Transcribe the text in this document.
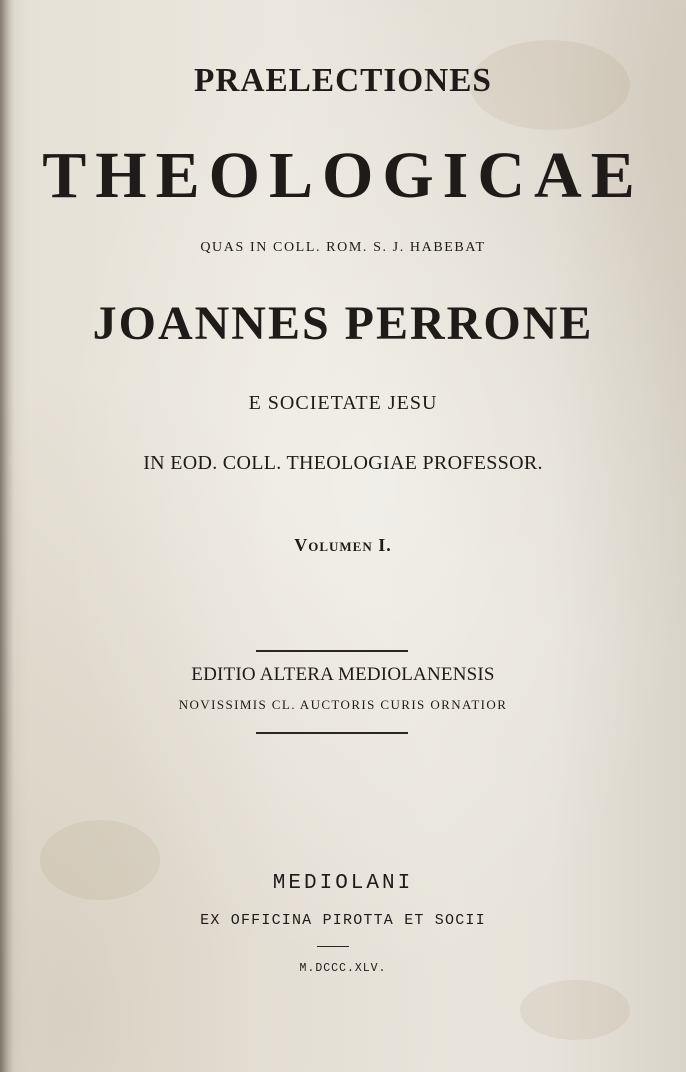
PRAELECTIONES
THEOLOGICAE
QUAS IN COLL. ROM. S. J. HABEBAT
JOANNES PERRONE
E SOCIETATE JESU
IN EOD. COLL. THEOLOGIAE PROFESSOR.
Volumen I.
EDITIO ALTERA MEDIOLANENSIS
NOVISSIMIS CL. AUCTORIS CURIS ORNATIOR
MEDIOLANI
EX OFFICINA PIROTTA ET SOCII
M.DCCC.XLV.
